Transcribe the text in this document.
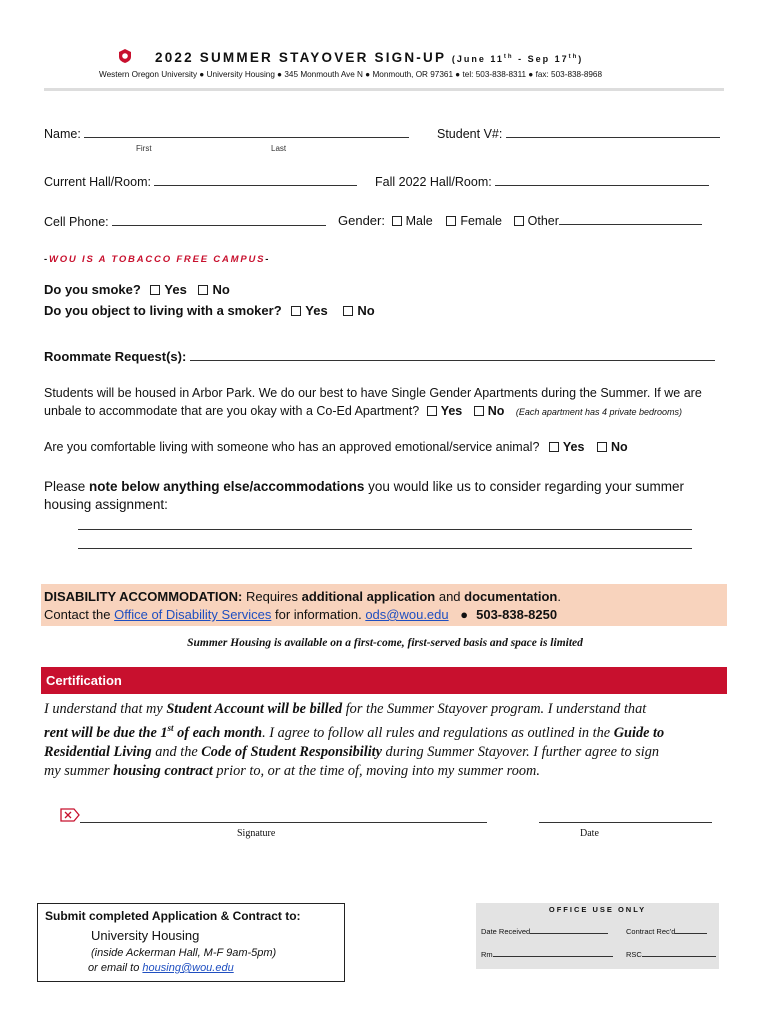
2022 SUMMER STAYOVER SIGN-UP (June 11th - Sep 17th)
Western Oregon University ● University Housing ● 345 Monmouth Ave N ● Monmouth, OR 97361 ● tel: 503-838-8311 ● fax: 503-838-8968
Name:
First	Last
Student V#:
Current Hall/Room:	Fall 2022 Hall/Room:
Cell Phone:	Gender: Male Female Other
-WOU IS A TOBACCO FREE CAMPUS-
Do you smoke? Yes No
Do you object to living with a smoker? Yes No
Roommate Request(s):
Students will be housed in Arbor Park. We do our best to have Single Gender Apartments during the Summer. If we are
unbale to accommodate that are you okay with a Co-Ed Apartment? Yes No (Each apartment has 4 private bedrooms)
Are you comfortable living with someone who has an approved emotional/service animal? Yes No
Please note below anything else/accommodations you would like us to consider regarding your summer
housing assignment:
DISABILITY ACCOMMODATION: Requires additional application and documentation.
Contact the Office of Disability Services for information. ods@wou.edu ● 503-838-8250
Summer Housing is available on a first-come, first-served basis and space is limited
Certification
I understand that my Student Account will be billed for the Summer Stayover program. I understand that
rent will be due the 1st of each month. I agree to follow all rules and regulations as outlined in the Guide to
Residential Living and the Code of Student Responsibility during Summer Stayover. I further agree to sign
my summer housing contract prior to, or at the time of, moving into my summer room.
Signature	Date
Submit completed Application & Contract to:
University Housing
(inside Ackerman Hall, M-F 9am-5pm)
or email to housing@wou.edu
OFFICE USE ONLY
Date Received	Contract Rec'd
Rm	RSC
